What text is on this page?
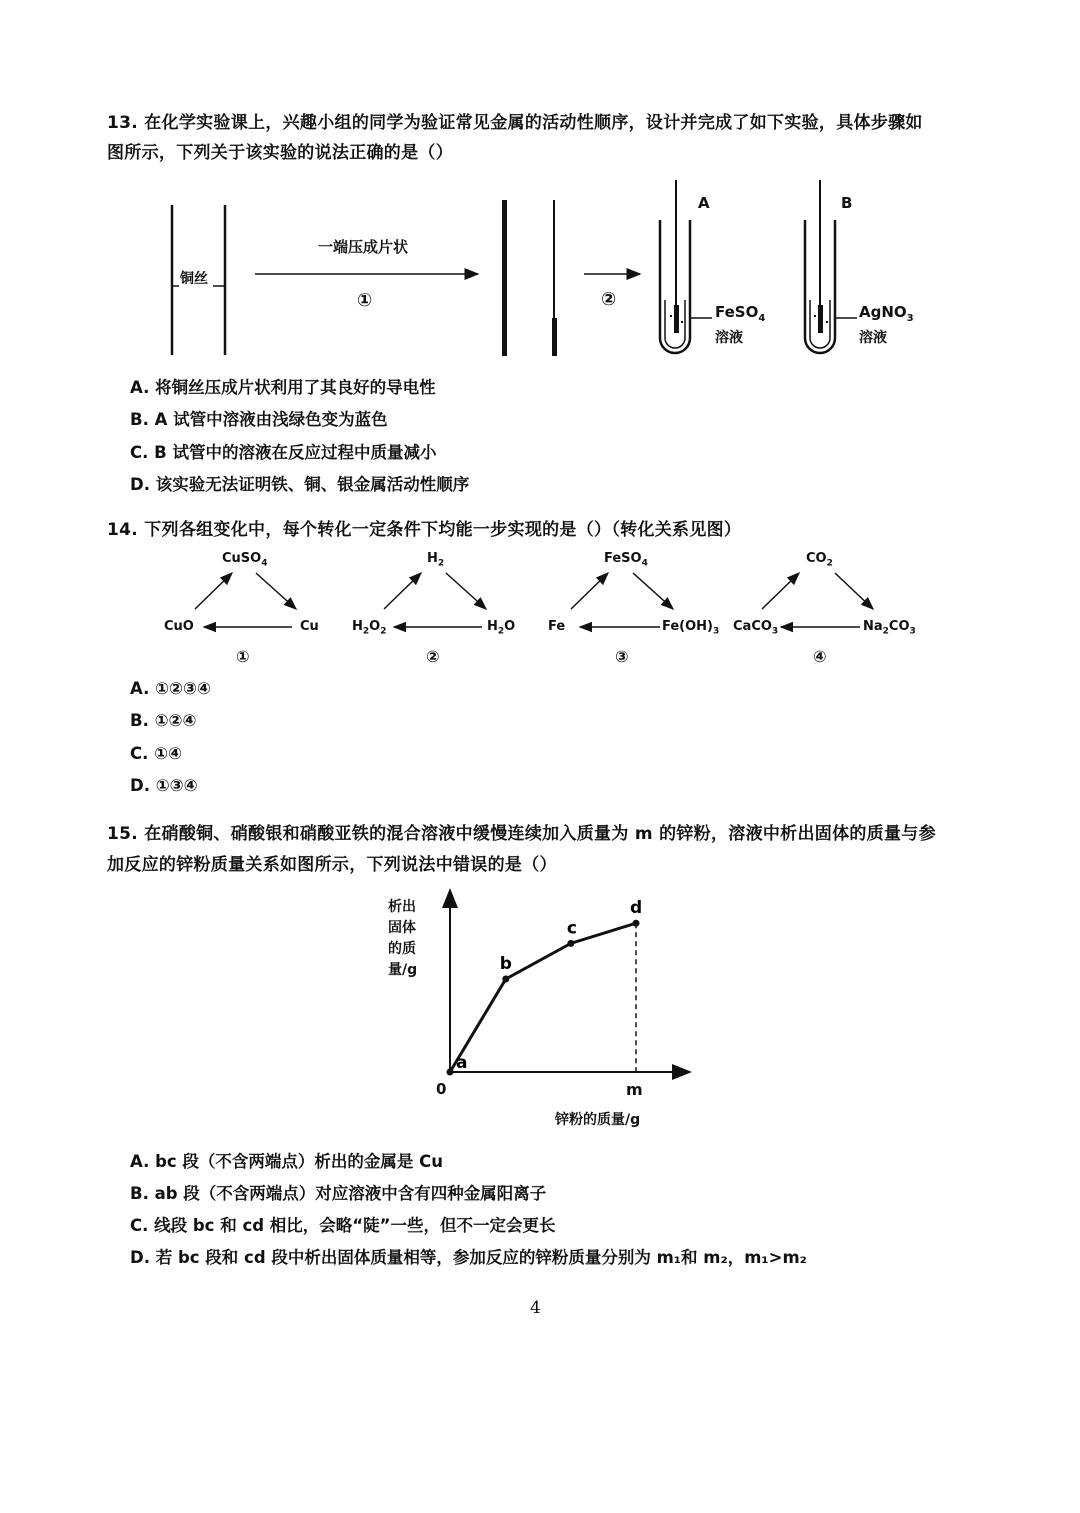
13. 在化学实验课上，兴趣小组的同学为验证常见金属的活动性顺序，设计并完成了如下实验，具体步骤如
图所示，下列关于该实验的说法正确的是（）
铜丝
一端压成片状
①	②
A	B
FeSO$_4$
溶液
AgNO$_3$
溶液
A. 将铜丝压成片状利用了其良好的导电性
B. A 试管中溶液由浅绿色变为蓝色
C. B 试管中的溶液在反应过程中质量减小
D. 该实验无法证明铁、铜、银金属活动性顺序
14. 下列各组变化中，每个转化一定条件下均能一步实现的是（）（转化关系见图）
CuSO$_4$
CuO	Cu
①
$H_2$
$H_2O_2$	$H_2O$
②
FeSO$_4$
Fe	$Fe(OH)_3$
③
$CO_2$
CaCO$_3$	$Na_2CO_3$
④
A. ①②③④
B. ①②④
C. ①④
D. ①③④
15. 在硝酸铜、硝酸银和硝酸亚铁的混合溶液中缓慢连续加入质量为 m 的锌粉，溶液中析出固体的质量与参
加反应的锌粉质量关系如图所示，下列说法中错误的是（）
a
b
c
d
析出
固体
的质
量/g
0	m
锌粉的质量/g
A. bc 段（不含两端点）析出的金属是 Cu
B. ab 段（不含两端点）对应溶液中含有四种金属阳离子
C. 线段 bc 和 cd 相比，会略“陡”一些，但不一定会更长
D. 若 bc 段和 cd 段中析出固体质量相等，参加反应的锌粉质量分别为 m₁和 m₂，m₁>m₂
4
